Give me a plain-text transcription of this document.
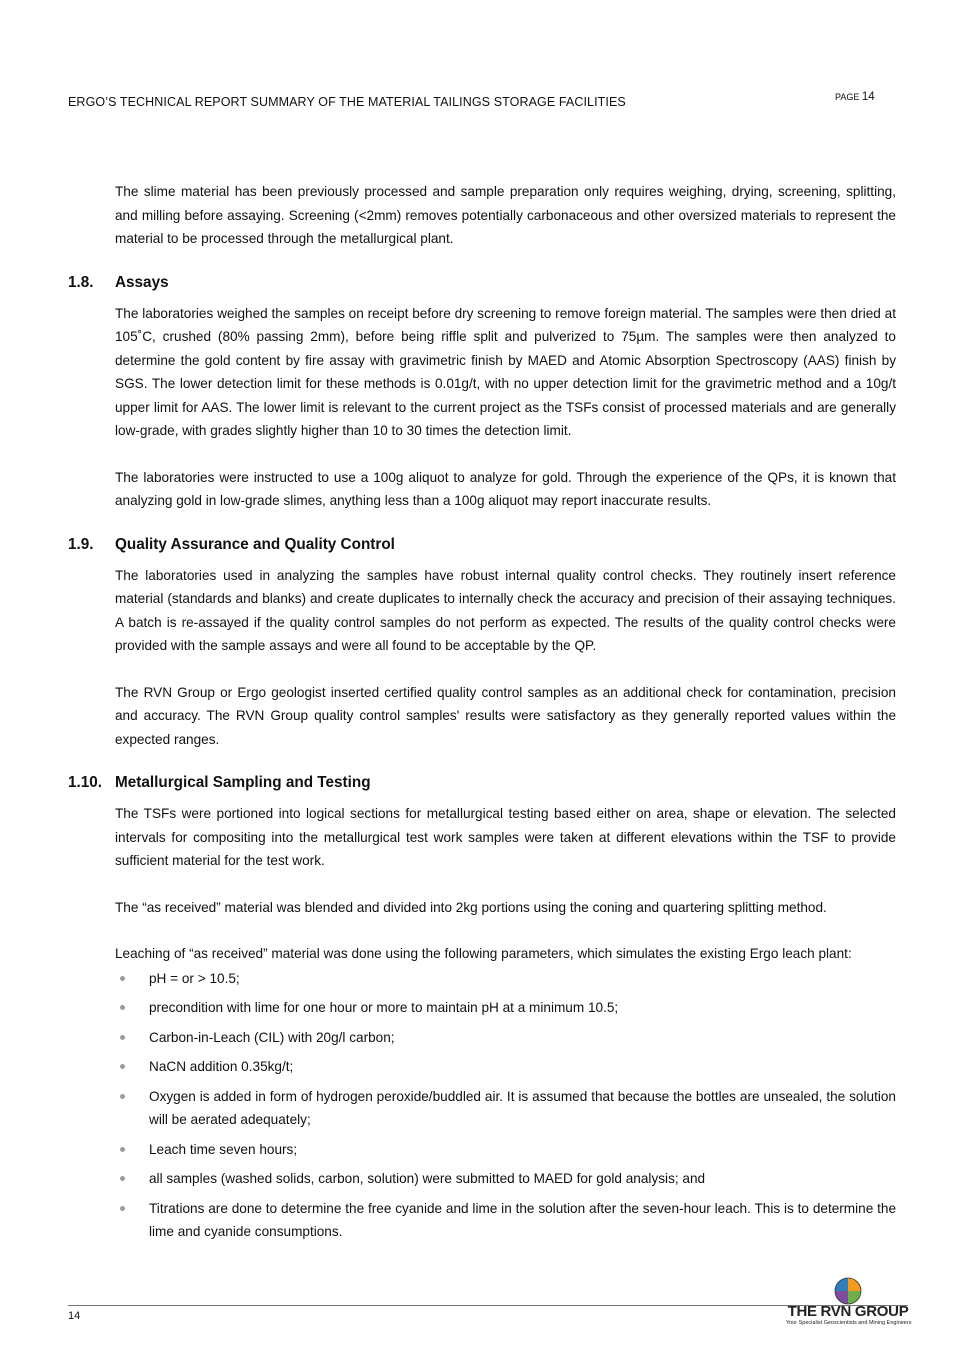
ERGO’S TECHNICAL REPORT SUMMARY OF THE MATERIAL TAILINGS STORAGE FACILITIES	PAGE 14

The slime material has been previously processed and sample preparation only requires weighing, drying, screening, splitting, and milling before assaying. Screening (<2mm) removes potentially carbonaceous and other oversized materials to represent the material to be processed through the metallurgical plant.

1.8.	Assays

The laboratories weighed the samples on receipt before dry screening to remove foreign material. The samples were then dried at 105˚C, crushed (80% passing 2mm), before being riffle split and pulverized to 75µm. The samples were then analyzed to determine the gold content by fire assay with gravimetric finish by MAED and Atomic Absorption Spectroscopy (AAS) finish by SGS. The lower detection limit for these methods is 0.01g/t, with no upper detection limit for the gravimetric method and a 10g/t upper limit for AAS. The lower limit is relevant to the current project as the TSFs consist of processed materials and are generally low-grade, with grades slightly higher than 10 to 30 times the detection limit.

The laboratories were instructed to use a 100g aliquot to analyze for gold. Through the experience of the QPs, it is known that analyzing gold in low-grade slimes, anything less than a 100g aliquot may report inaccurate results.

1.9.	Quality Assurance and Quality Control

The laboratories used in analyzing the samples have robust internal quality control checks. They routinely insert reference material (standards and blanks) and create duplicates to internally check the accuracy and precision of their assaying techniques. A batch is re-assayed if the quality control samples do not perform as expected. The results of the quality control checks were provided with the sample assays and were all found to be acceptable by the QP.

The RVN Group or Ergo geologist inserted certified quality control samples as an additional check for contamination, precision and accuracy. The RVN Group quality control samples' results were satisfactory as they generally reported values within the expected ranges.

1.10. Metallurgical Sampling and Testing

The TSFs were portioned into logical sections for metallurgical testing based either on area, shape or elevation. The selected intervals for compositing into the metallurgical test work samples were taken at different elevations within the TSF to provide sufficient material for the test work.

The “as received” material was blended and divided into 2kg portions using the coning and quartering splitting method.

Leaching of “as received” material was done using the following parameters, which simulates the existing Ergo leach plant:

pH = or > 10.5;
precondition with lime for one hour or more to maintain pH at a minimum 10.5;
Carbon-in-Leach (CIL) with 20g/l carbon;
NaCN addition 0.35kg/t;
Oxygen is added in form of hydrogen peroxide/buddled air. It is assumed that because the bottles are unsealed, the solution will be aerated adequately;
Leach time seven hours;
all samples (washed solids, carbon, solution) were submitted to MAED for gold analysis; and
Titrations are done to determine the free cyanide and lime in the solution after the seven-hour leach. This is to determine the lime and cyanide consumptions.
14	THE RVN GROUP
Your Specialist Geoscientists and Mining Engineers
